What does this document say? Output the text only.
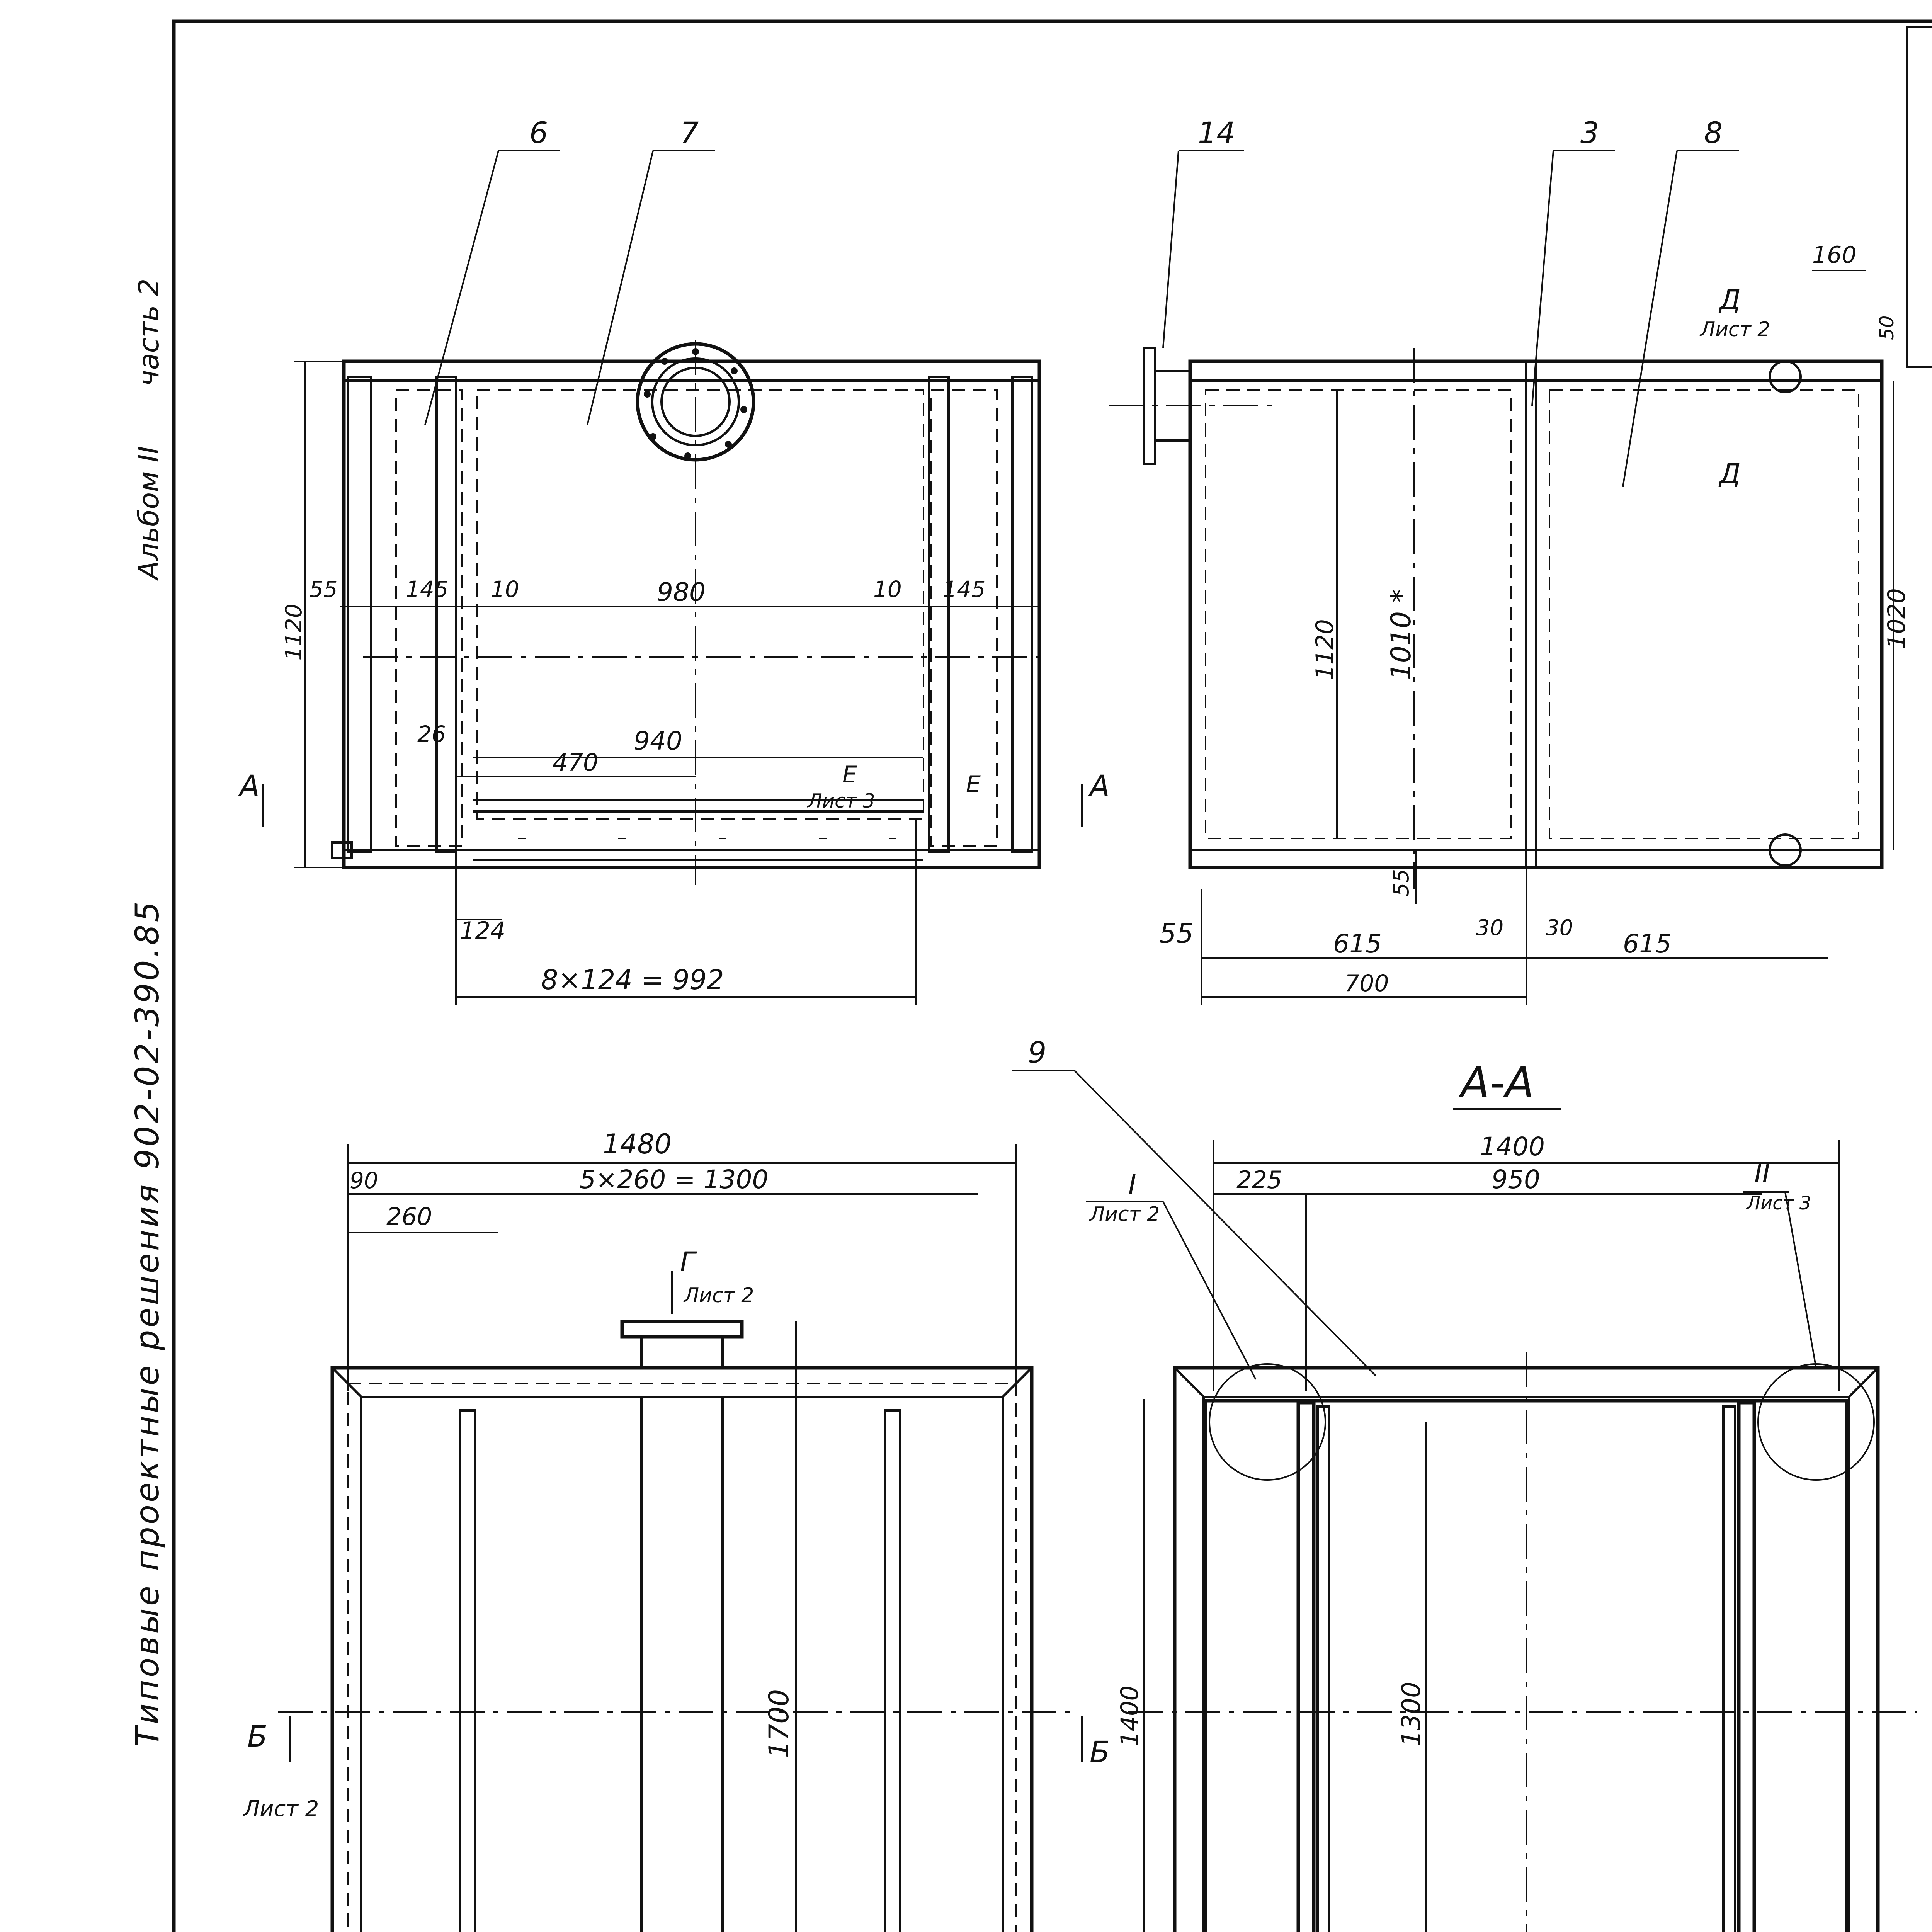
Альбом II
часть 2
Типовые проектные решения 902-02-390.85
1120
55	145 10	980	10 145
26	940
470
124
8×124 = 992
А	А
Е
Лист 3
Е
160
50
1020
1120 1010 *
55
55	615
30 30
615
700
Д
Лист 2
Д
1480
90	5×260 = 1300
260
1700
Г
Лист 2
Б
Лист 2
Б
А-А
1400
225	950
1400	1300
I
Лист 2
II
Лист 3
6	7	14	3	8
9
